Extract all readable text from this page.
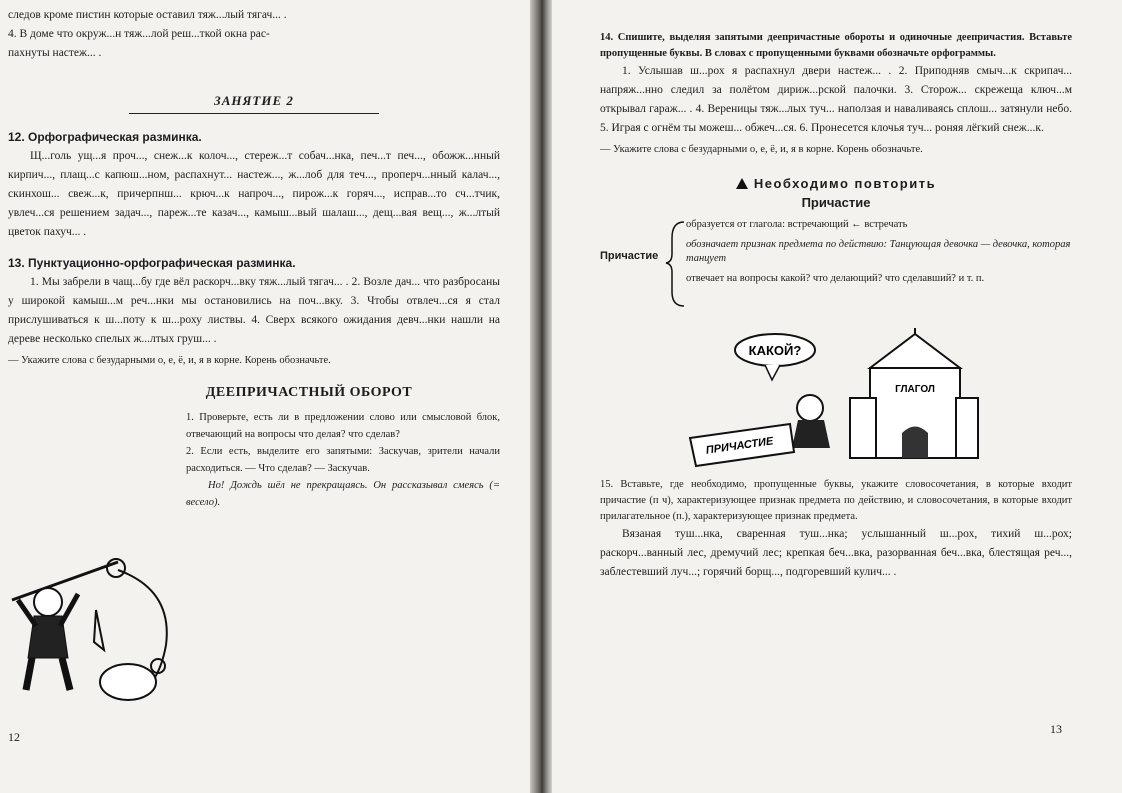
следов кроме пистин которые оставил тяж...лый тягач... .

4. В доме что окруж...н тяж...лой реш...ткой окна рас-

пахнуты настеж... .

ЗАНЯТИЕ 2

12. Орфографическая разминка.

Щ...голь ущ...я проч..., снеж...к колоч..., стереж...т собач...нка, печ...т печ..., обожж...нный кирпич..., плащ...с капюш...ном, распахнут... настеж..., ж...лоб для теч..., проперч...нный калач..., скинхош... свеж...к, причерпнш... крюч...к напроч..., пирож...к горяч..., исправ...то сч...тчик, увлеч...ся решением задач..., пареж...те казач..., камыш...вый шалаш..., дещ...вая вещ..., ж...лтый цветок пахуч... .

13. Пунктуационно-орфографическая разминка.

1. Мы забрели в чащ...бу где вёл раскорч...вку тяж...лый тягач... . 2. Возле дач... что разбросаны у широкой камыш...м реч...нки мы остановились на поч...вку. 3. Чтобы отвлеч...ся я стал прислушиваться к ш...поту к ш...роху листвы. 4. Сверх всякого ожидания девч...нки нашли на дереве несколько спелых ж...лтых груш... .

— Укажите слова с безударными о, е, ё, и, я в корне. Корень обозначьте.

ДЕЕПРИЧАСТНЫЙ ОБОРОТ

1. Проверьте, есть ли в предложении слово или смысловой блок, отвечающий на вопросы что делая? что сделав?

2. Если есть, выделите его запятыми: Заскучав, зрители начали расходиться. — Что сделав? — Заскучав.

Но! Дождь шёл не прекращаясь. Он рассказывал смеясь (= весело).

12

14. Спишите, выделяя запятыми деепричастные обороты и одиночные деепричастия. Вставьте пропущенные буквы. В словах с пропущенными буквами обозначьте орфограммы.

1. Услышав ш...рох я распахнул двери настеж... . 2. Приподняв смыч...к скрипач... напряж...нно следил за полётом дириж...рской палочки. 3. Сторож... скрежеща ключ...м открывал гараж... . 4. Вереницы тяж...лых туч... наползая и наваливаясь сплош... затянули небо. 5. Играя с огнём ты можеш... обжеч...ся. 6. Пронесется клочья туч... роняя лёгкий снеж...к.

— Укажите слова с безударными о, е, ё, и, я в корне. Корень обозначьте.

Необходимо повторить
Причастие
Причастие
образуется от глагола: встречающий ← встречать
обозначает признак предмета по действию: Танцующая девочка — девочка, которая танцует
отвечает на вопросы какой? что делающий? что сделавший? и т. п.
КАКОЙ?
ГЛАГОЛ
ПРИЧАСТИЕ

15. Вставьте, где необходимо, пропущенные буквы, укажите словосочетания, в которые входит причастие (п ч), характеризующее признак предмета по действию, и словосочетания, в которые входит прилагательное (п.), характеризующее признак предмета.

Вязаная туш...нка, сваренная туш...нка; услышанный ш...рох, тихий ш...рох; раскорч...ванный лес, дремучий лес; крепкая беч...вка, разорванная беч...вка, блестящая реч..., заблестевший луч...; горячий борщ..., подгоревший кулич... .

13
